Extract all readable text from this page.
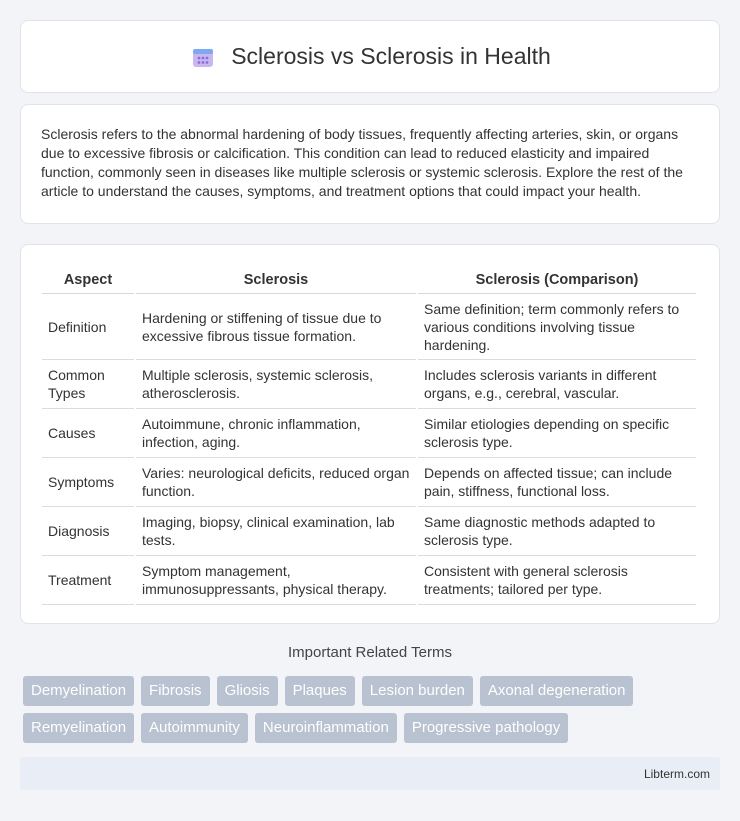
Sclerosis vs Sclerosis in Health

Sclerosis refers to the abnormal hardening of body tissues, frequently affecting arteries, skin, or organs due to excessive fibrosis or calcification. This condition can lead to reduced elasticity and impaired function, commonly seen in diseases like multiple sclerosis or systemic sclerosis. Explore the rest of the article to understand the causes, symptoms, and treatment options that could impact your health.

Aspect	Sclerosis	Sclerosis (Comparison)
Definition	Hardening or stiffening of tissue due to excessive fibrous tissue formation.	Same definition; term commonly refers to various conditions involving tissue hardening.
Common Types	Multiple sclerosis, systemic sclerosis, atherosclerosis.	Includes sclerosis variants in different organs, e.g., cerebral, vascular.
Causes	Autoimmune, chronic inflammation, infection, aging.	Similar etiologies depending on specific sclerosis type.
Symptoms	Varies: neurological deficits, reduced organ function.	Depends on affected tissue; can include pain, stiffness, functional loss.
Diagnosis	Imaging, biopsy, clinical examination, lab tests.	Same diagnostic methods adapted to sclerosis type.
Treatment	Symptom management, immunosuppressants, physical therapy.	Consistent with general sclerosis treatments; tailored per type.
Important Related Terms
Demyelination	Fibrosis	Gliosis	Plaques	Lesion burden	Axonal degeneration
Remyelination	Autoimmunity	Neuroinflammation	Progressive pathology
Libterm.com
